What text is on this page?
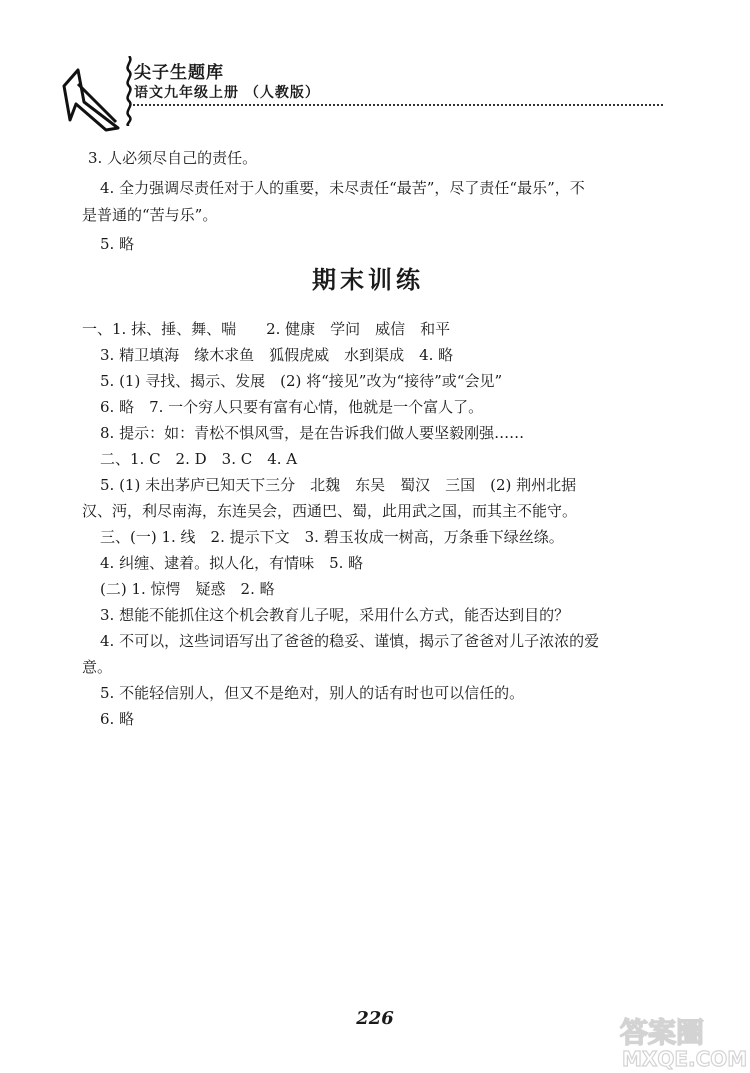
尖子生题库
语文九年级上册 （人教版）
3. 人必须尽自己的责任。
4. 全力强调尽责任对于人的重要，未尽责任“最苦”，尽了责任“最乐”，不
是普通的“苦与乐”。
5. 略
期末训练
一、1. 抹、捶、舞、喘　　2. 健康　学问　威信　和平
3. 精卫填海　缘木求鱼　狐假虎威　水到渠成　4. 略
5. (1) 寻找、揭示、发展　(2) 将“接见”改为“接待”或“会见”
6. 略　7. 一个穷人只要有富有心情，他就是一个富人了。
8. 提示：如：青松不惧风雪，是在告诉我们做人要坚毅刚强……
二、1. C　2. D　3. C　4. A
5. (1) 未出茅庐已知天下三分　北魏　东吴　蜀汉　三国　(2) 荆州北据
汉、沔，利尽南海，东连吴会，西通巴、蜀，此用武之国，而其主不能守。
三、(一) 1. 线　2. 提示下文　3. 碧玉妆成一树高，万条垂下绿丝绦。
4. 纠缠、逮着。拟人化，有情味　5. 略
(二) 1. 惊愕　疑惑　2. 略
3. 想能不能抓住这个机会教育儿子呢，采用什么方式，能否达到目的？
4. 不可以，这些词语写出了爸爸的稳妥、谨慎，揭示了爸爸对儿子浓浓的爱
意。
5. 不能轻信别人，但又不是绝对，别人的话有时也可以信任的。
6. 略
226	答案圈
MXQE.COM
